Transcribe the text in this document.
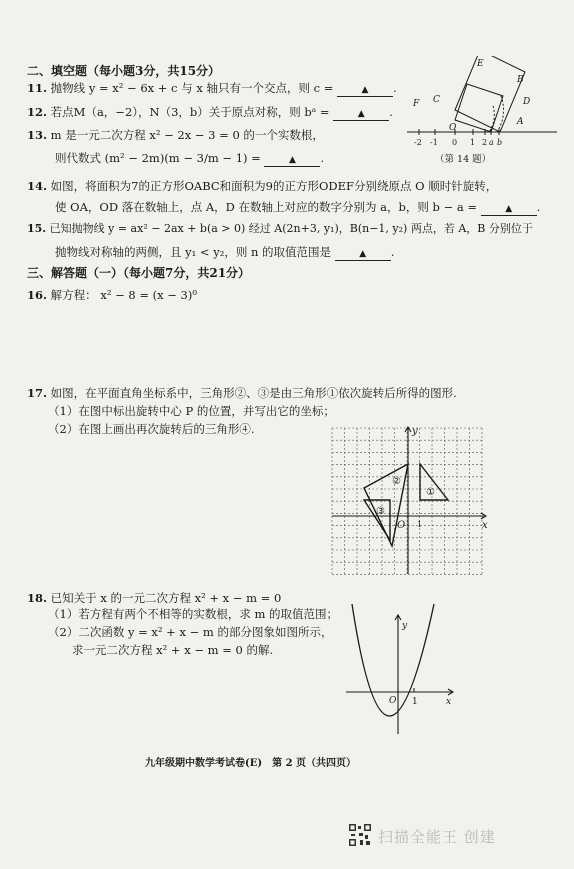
二、填空题（每小题3分，共15分）
11. 抛物线 y = x² − 6x + c 与 x 轴只有一个交点，则 c =	▲ .
12. 若点M（a，−2），N（3，b）关于原点对称，则 bᵃ =	▲ .
13. m 是一元二次方程 x² − 2x − 3 = 0 的一个实数根，
则代数式 (m² − 2m)(m − 3/m − 1) =	▲ .
E
B
F C	D
O
A
-2 -1 0 1 2 a b
（第 14 题）
14. 如图，将面积为7的正方形OABC和面积为9的正方形ODEF分别绕原点 O 顺时针旋转，
使 OA，OD 落在数轴上，点 A，D 在数轴上对应的数字分别为 a，b，则 b − a =	▲ .
15. 已知抛物线 y = ax² − 2ax + b(a > 0) 经过 A(2n+3, y₁)，B(n−1, y₂) 两点，若 A，B 分别位于
抛物线对称轴的两侧，且 y₁ < y₂，则 n 的取值范围是	▲ .
三、解答题（一）（每小题7分，共21分）
16. 解方程： x² − 8 = (x − 3)⁰
17. 如图，在平面直角坐标系中，三角形②、③是由三角形①依次旋转后所得的图形.
（1）在图中标出旋转中心 P 的位置，并写出它的坐标；
（2）在图上画出再次旋转后的三角形④.	y
x
O 1
①
②
③
18. 已知关于 x 的一元二次方程 x² + x − m = 0
（1）若方程有两个不相等的实数根，求 m 的取值范围；
（2）二次函数 y = x² + x − m 的部分图象如图所示，
求一元二次方程 x² + x − m = 0 的解.
y
x
O 1
九年级期中数学考试卷(E)　第 2 页（共四页）
扫描全能王 创建
